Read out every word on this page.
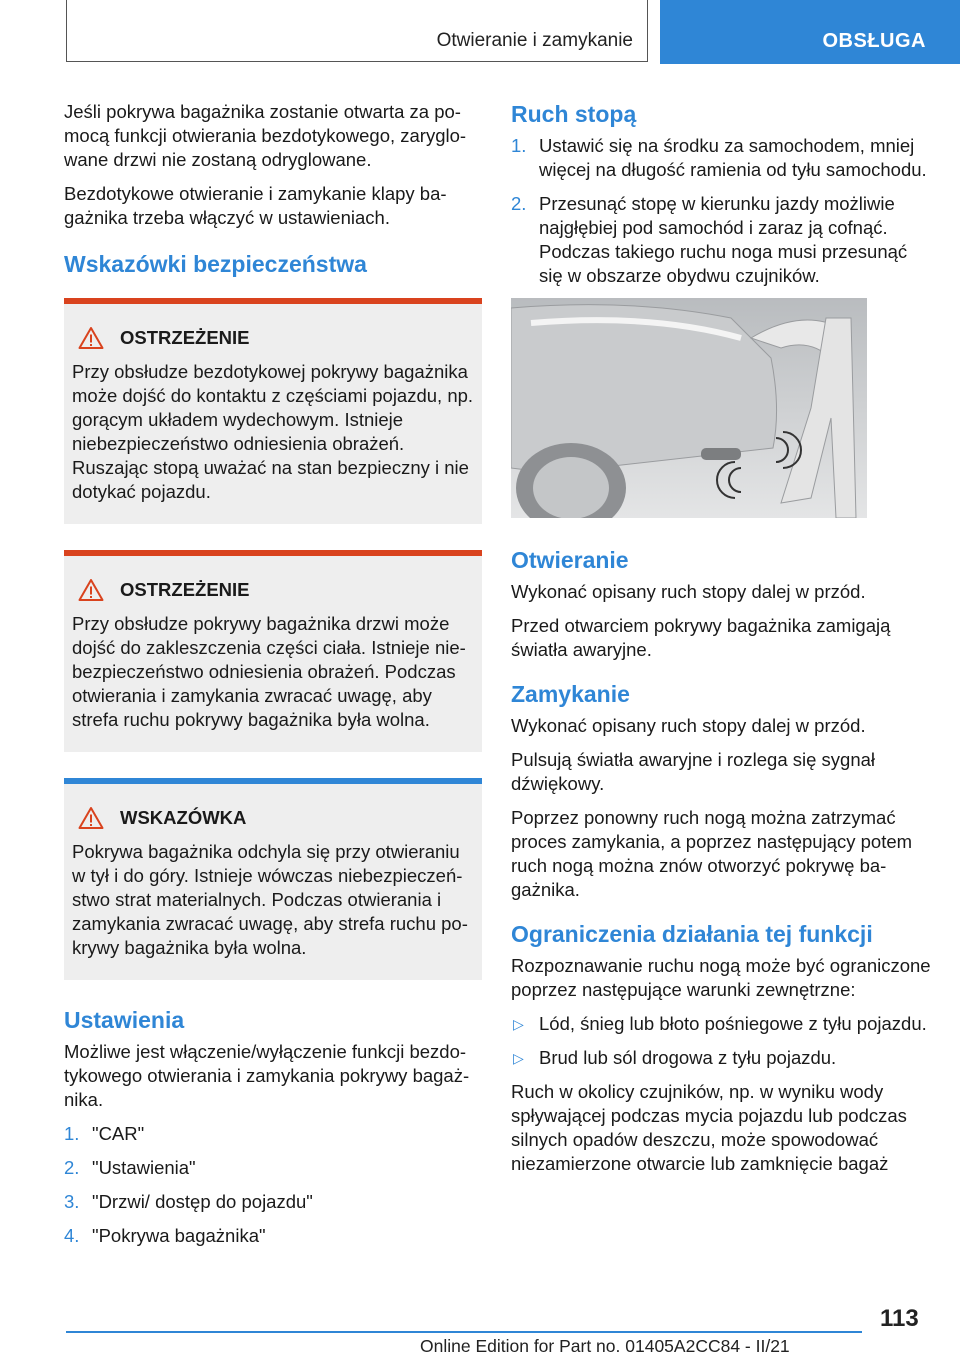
Otwieranie i zamykanie	OBSŁUGA

Jeśli pokrywa bagażnika zostanie otwarta za pomocą funkcji otwierania bezdotykowego, zaryglowane drzwi nie zostaną odryglowane.

Bezdotykowe otwieranie i zamykanie klapy bagażnika trzeba włączyć w ustawieniach.

Wskazówki bezpieczeństwa
OSTRZEŻENIE

Przy obsłudze bezdotykowej pokrywy bagażnika może dojść do kontaktu z częściami pojazdu, np. gorącym układem wydechowym. Istnieje niebezpieczeństwo odniesienia obrażeń. Ruszając stopą uważać na stan bezpieczny i nie dotykać pojazdu.

OSTRZEŻENIE

Przy obsłudze pokrywy bagażnika drzwi może dojść do zakleszczenia części ciała. Istnieje niebezpieczeństwo odniesienia obrażeń. Podczas otwierania i zamykania zwracać uwagę, aby strefa ruchu pokrywy bagażnika była wolna.

WSKAZÓWKA

Pokrywa bagażnika odchyla się przy otwieraniu w tył i do góry. Istnieje wówczas niebezpieczeństwo strat materialnych. Podczas otwierania i zamykania zwracać uwagę, aby strefa ruchu pokrywy bagażnika była wolna.

Ustawienia

Możliwe jest włączenie/wyłączenie funkcji bezdotykowego otwierania i zamykania pokrywy bagażnika.

1. "CAR"
2. "Ustawienia"
3. "Drzwi/ dostęp do pojazdu"
4. "Pokrywa bagażnika"
Ruch stopą
1. Ustawić się na środku za samochodem, mniej więcej na długość ramienia od tyłu samochodu.
2. Przesunąć stopę w kierunku jazdy możliwie najgłębiej pod samochód i zaraz ją cofnąć. Podczas takiego ruchu noga musi przesunąć się w obszarze obydwu czujników.
Otwieranie

Wykonać opisany ruch stopy dalej w przód.

Przed otwarciem pokrywy bagażnika zamigają światła awaryjne.

Zamykanie

Wykonać opisany ruch stopy dalej w przód.

Pulsują światła awaryjne i rozlega się sygnał dźwiękowy.

Poprzez ponowny ruch nogą można zatrzymać proces zamykania, a poprzez następujący potem ruch nogą można znów otworzyć pokrywę bagażnika.

Ograniczenia działania tej funkcji

Rozpoznawanie ruchu nogą może być ograniczone poprzez następujące warunki zewnętrzne:

▷ Lód, śnieg lub błoto pośniegowe z tyłu pojazdu.
▷ Brud lub sól drogowa z tyłu pojazdu.

Ruch w okolicy czujników, np. w wyniku wody spływającej podczas mycia pojazdu lub podczas silnych opadów deszczu, może spowodować niezamierzone otwarcie lub zamknięcie bagaż

113
Online Edition for Part no. 01405A2CC84 - II/21
